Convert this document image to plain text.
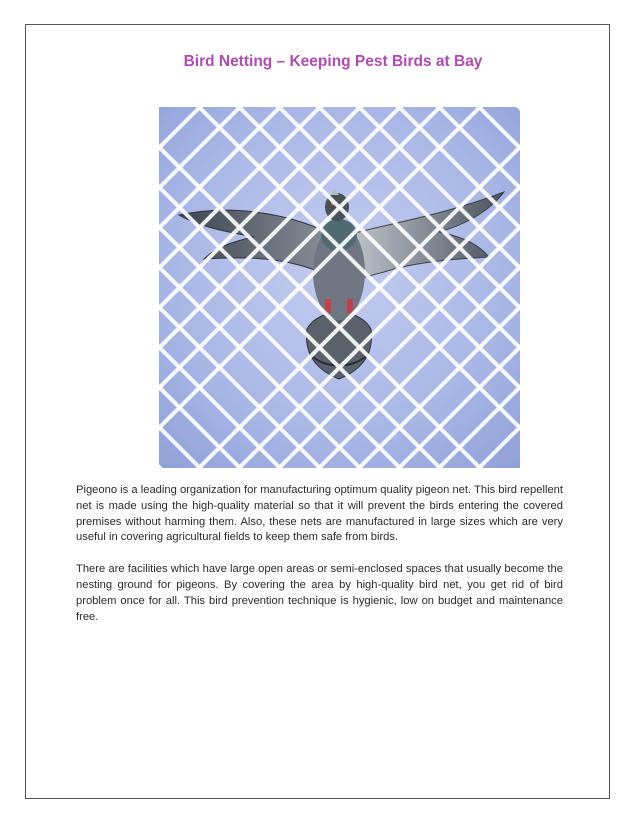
Bird Netting – Keeping Pest Birds at Bay

Pigeono is a leading organization for manufacturing optimum quality pigeon net. This bird repellent net is made using the high-quality material so that it will prevent the birds entering the covered premises without harming them. Also, these nets are manufactured in large sizes which are very useful in covering agricultural fields to keep them safe from birds.

There are facilities which have large open areas or semi-enclosed spaces that usually become the nesting ground for pigeons. By covering the area by high-quality bird net, you get rid of bird problem once for all. This bird prevention technique is hygienic, low on budget and maintenance free.
